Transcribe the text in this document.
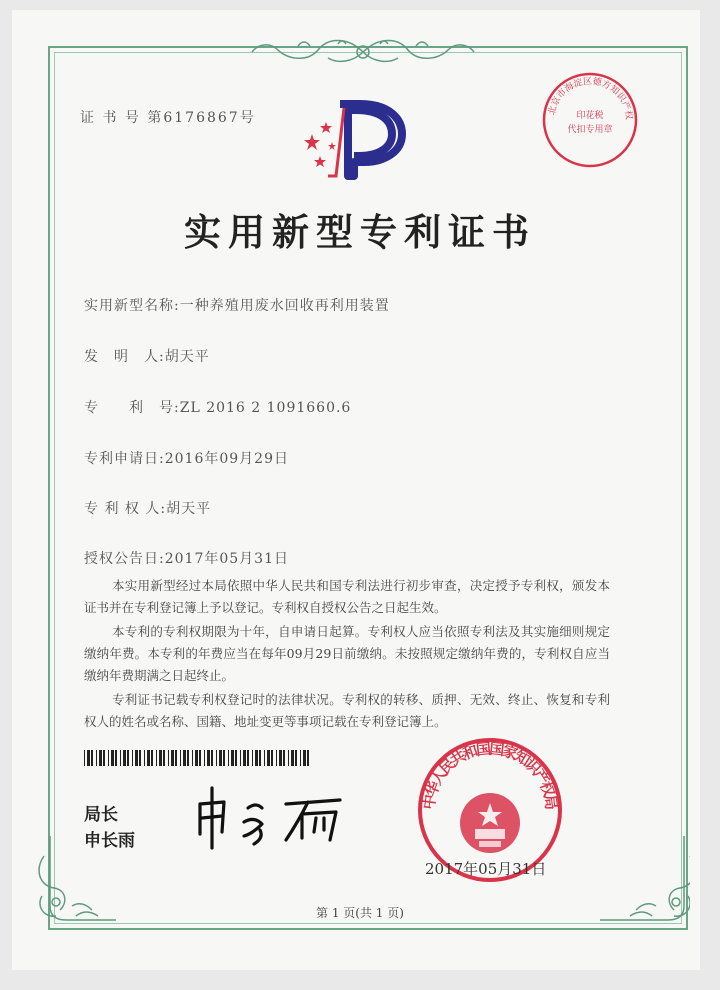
证 书 号 第6176867号	北京市海淀区德方知识产权
印花税
代扣专用章
实用新型专利证书
实用新型名称:一种养殖用废水回收再利用装置
发　明　人:胡天平
专　　利　号:ZL 2016 2 1091660.6
专利申请日:2016年09月29日
专 利 权 人:胡天平
授权公告日:2017年05月31日

本实用新型经过本局依照中华人民共和国专利法进行初步审查，决定授予专利权，颁发本证书并在专利登记簿上予以登记。专利权自授权公告之日起生效。

本专利的专利权期限为十年，自申请日起算。专利权人应当依照专利法及其实施细则规定缴纳年费。本专利的年费应当在每年09月29日前缴纳。未按照规定缴纳年费的，专利权自应当缴纳年费期满之日起终止。

专利证书记载专利权登记时的法律状况。专利权的转移、质押、无效、终止、恢复和专利权人的姓名或名称、国籍、地址变更等事项记载在专利登记簿上。

局长
申长雨
中华人民共和国国家知识产权局
2017年05月31日
第 1 页(共 1 页)
